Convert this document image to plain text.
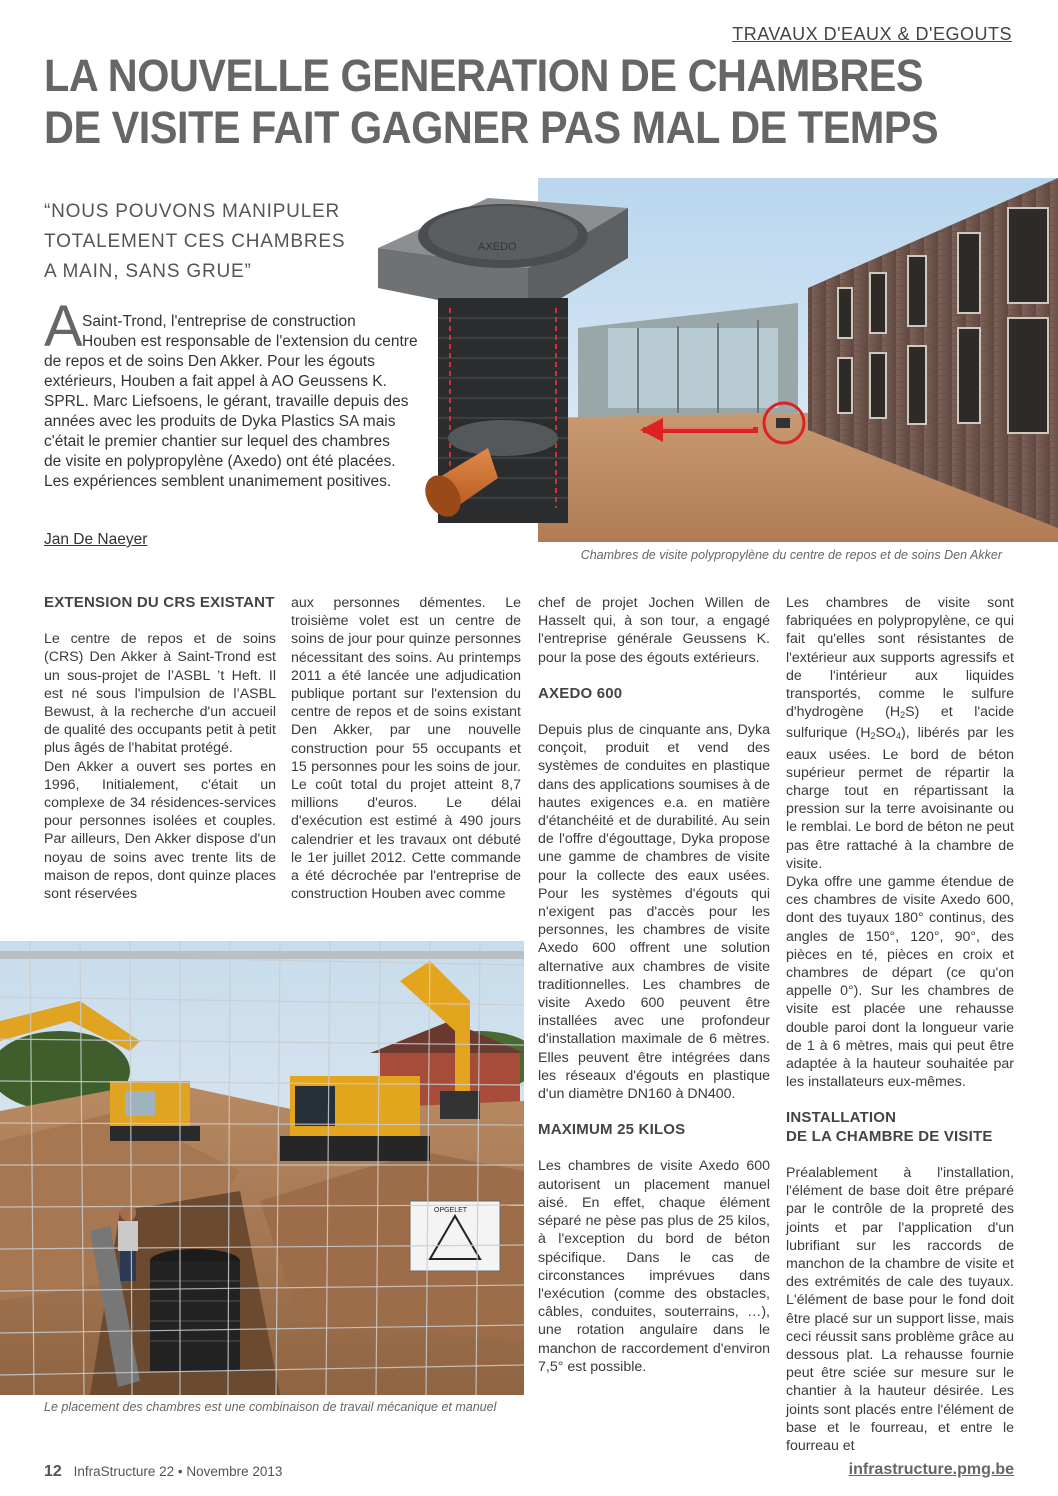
TRAVAUX D'EAUX & D'EGOUTS
LA NOUVELLE GENERATION DE CHAMBRES
DE VISITE FAIT GAGNER PAS MAL DE TEMPS
“NOUS POUVONS MANIPULER
TOTALEMENT CES CHAMBRES
A MAIN, SANS GRUE”
AXEDO
A Saint-Trond, l'entreprise de construction
Houben est responsable de l'extension du centre
de repos et de soins Den Akker. Pour les égouts
extérieurs, Houben a fait appel à AO Geussens K.
SPRL. Marc Liefsoens, le gérant, travaille depuis des
années avec les produits de Dyka Plastics SA mais
c'était le premier chantier sur lequel des chambres
de visite en polypropylène (Axedo) ont été placées.
Les expériences semblent unanimement positives.
Jan De Naeyer
Chambres de visite polypropylène du centre de repos et de soins Den Akker
EXTENSION DU CRS EXISTANT

Le centre de repos et de soins (CRS) Den Akker à Saint-Trond est un sous-projet de l’ASBL ’t Heft. Il est né sous l'impulsion de l’ASBL Bewust, à la recherche d'un accueil de qualité des occupants petit à petit plus âgés de l'habitat protégé.

Den Akker a ouvert ses portes en 1996, Initialement, c'était un complexe de 34 résidences-services pour personnes isolées et couples. Par ailleurs, Den Akker dispose d'un noyau de soins avec trente lits de maison de repos, dont quinze places sont réservées

aux personnes démentes. Le troisième volet est un centre de soins de jour pour quinze personnes nécessitant des soins. Au printemps 2011 a été lancée une adjudication publique portant sur l'extension du centre de repos et de soins existant Den Akker, par une nouvelle construction pour 55 occupants et 15 personnes pour les soins de jour. Le coût total du projet atteint 8,7 millions d'euros. Le délai d'exécution est estimé à 490 jours calendrier et les travaux ont débuté le 1er juillet 2012. Cette commande a été décrochée par l'entreprise de construction Houben avec comme

chef de projet Jochen Willen de Hasselt qui, à son tour, a engagé l'entreprise générale Geussens K. pour la pose des égouts extérieurs.

AXEDO 600

Depuis plus de cinquante ans, Dyka conçoit, produit et vend des systèmes de conduites en plastique dans des applications soumises à de hautes exigences e.a. en matière d'étanchéité et de durabilité. Au sein de l'offre d'égouttage, Dyka propose une gamme de chambres de visite pour la collecte des eaux usées. Pour les systèmes d'égouts qui n'exigent pas d'accès pour les personnes, les chambres de visite Axedo 600 offrent une solution alternative aux chambres de visite traditionnelles. Les chambres de visite Axedo 600 peuvent être installées avec une profondeur d'installation maximale de 6 mètres. Elles peuvent être intégrées dans les réseaux d'égouts en plastique d'un diamètre DN160 à DN400.

MAXIMUM 25 KILOS

Les chambres de visite Axedo 600 autorisent un placement manuel aisé. En effet, chaque élément séparé ne pèse pas plus de 25 kilos, à l'exception du bord de béton spécifique. Dans le cas de circonstances imprévues dans l'exécution (comme des obstacles, câbles, conduites, souterrains, …), une rotation angulaire dans le manchon de raccordement d'environ 7,5° est possible.

Les chambres de visite sont fabriquées en polypropylène, ce qui fait qu'elles sont résistantes de l'extérieur aux supports agressifs et de l'intérieur aux liquides transportés, comme le sulfure d'hydrogène $(H_2S)$ et l'acide sulfurique $(H_2SO_4)$, libérés par les eaux usées. Le bord de béton supérieur permet de répartir la charge tout en répartissant la pression sur la terre avoisinante ou le remblai. Le bord de béton ne peut pas être rattaché à la chambre de visite.

Dyka offre une gamme étendue de ces chambres de visite Axedo 600, dont des tuyaux 180° continus, des angles de 150°, 120°, 90°, des pièces en té, pièces en croix et chambres de départ (ce qu'on appelle 0°). Sur les chambres de visite est placée une rehausse double paroi dont la longueur varie de 1 à 6 mètres, mais qui peut être adaptée à la hauteur souhaitée par les installateurs eux-mêmes.

INSTALLATION
DE LA CHAMBRE DE VISITE

Préalablement à l'installation, l'élément de base doit être préparé par le contrôle de la propreté des joints et par l'application d'un lubrifiant sur les raccords de manchon de la chambre de visite et des extrémités de cale des tuyaux. L'élément de base pour le fond doit être placé sur un support lisse, mais ceci réussit sans problème grâce au dessous plat. La rehausse fournie peut être sciée sur mesure sur le chantier à la hauteur désirée. Les joints sont placés entre l'élément de base et le fourreau, et entre le fourreau et

OPGELET
Le placement des chambres est une combinaison de travail mécanique et manuel
12 InfraStructure 22 • Novembre 2013	infrastructure.pmg.be
